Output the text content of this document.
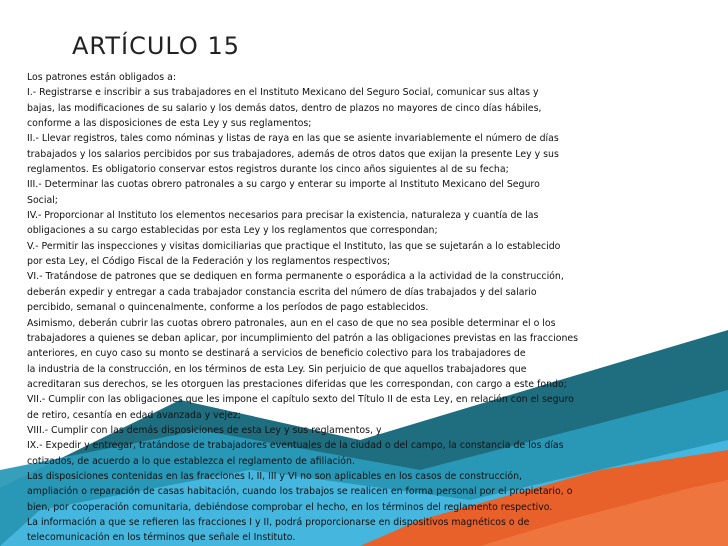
ARTÍCULO 15
Los patrones están obligados a:
I.- Registrarse e inscribir a sus trabajadores en el Instituto Mexicano del Seguro Social, comunicar sus altas y
bajas, las modificaciones de su salario y los demás datos, dentro de plazos no mayores de cinco días hábiles,
conforme a las disposiciones de esta Ley y sus reglamentos;
II.- Llevar registros, tales como nóminas y listas de raya en las que se asiente invariablemente el número de días
trabajados y los salarios percibidos por sus trabajadores, además de otros datos que exijan la presente Ley y sus
reglamentos. Es obligatorio conservar estos registros durante los cinco años siguientes al de su fecha;
III.- Determinar las cuotas obrero patronales a su cargo y enterar su importe al Instituto Mexicano del Seguro
Social;
IV.- Proporcionar al Instituto los elementos necesarios para precisar la existencia, naturaleza y cuantía de las
obligaciones a su cargo establecidas por esta Ley y los reglamentos que correspondan;
V.- Permitir las inspecciones y visitas domiciliarias que practique el Instituto, las que se sujetarán a lo establecido
por esta Ley, el Código Fiscal de la Federación y los reglamentos respectivos;
VI.- Tratándose de patrones que se dediquen en forma permanente o esporádica a la actividad de la construcción,
deberán expedir y entregar a cada trabajador constancia escrita del número de días trabajados y del salario
percibido, semanal o quincenalmente, conforme a los períodos de pago establecidos.
Asimismo, deberán cubrir las cuotas obrero patronales, aun en el caso de que no sea posible determinar el o los
trabajadores a quienes se deban aplicar, por incumplimiento del patrón a las obligaciones previstas en las fracciones
anteriores, en cuyo caso su monto se destinará a servicios de beneficio colectivo para los trabajadores de
la industria de la construcción, en los términos de esta Ley. Sin perjuicio de que aquellos trabajadores que
acreditaran sus derechos, se les otorguen las prestaciones diferidas que les correspondan, con cargo a este fondo;
VII.- Cumplir con las obligaciones que les impone el capítulo sexto del Título II de esta Ley, en relación con el seguro
de retiro, cesantía en edad avanzada y vejez;
VIII.- Cumplir con las demás disposiciones de esta Ley y sus reglamentos, y
IX.- Expedir y entregar, tratándose de trabajadores eventuales de la ciudad o del campo, la constancia de los días
cotizados, de acuerdo a lo que establezca el reglamento de afiliación.
Las disposiciones contenidas en las fracciones I, II, III y VI no son aplicables en los casos de construcción,
ampliación o reparación de casas habitación, cuando los trabajos se realicen en forma personal por el propietario, o
bien, por cooperación comunitaria, debiéndose comprobar el hecho, en los términos del reglamento respectivo.
La información a que se refieren las fracciones I y II, podrá proporcionarse en dispositivos magnéticos o de
telecomunicación en los términos que señale el Instituto.
